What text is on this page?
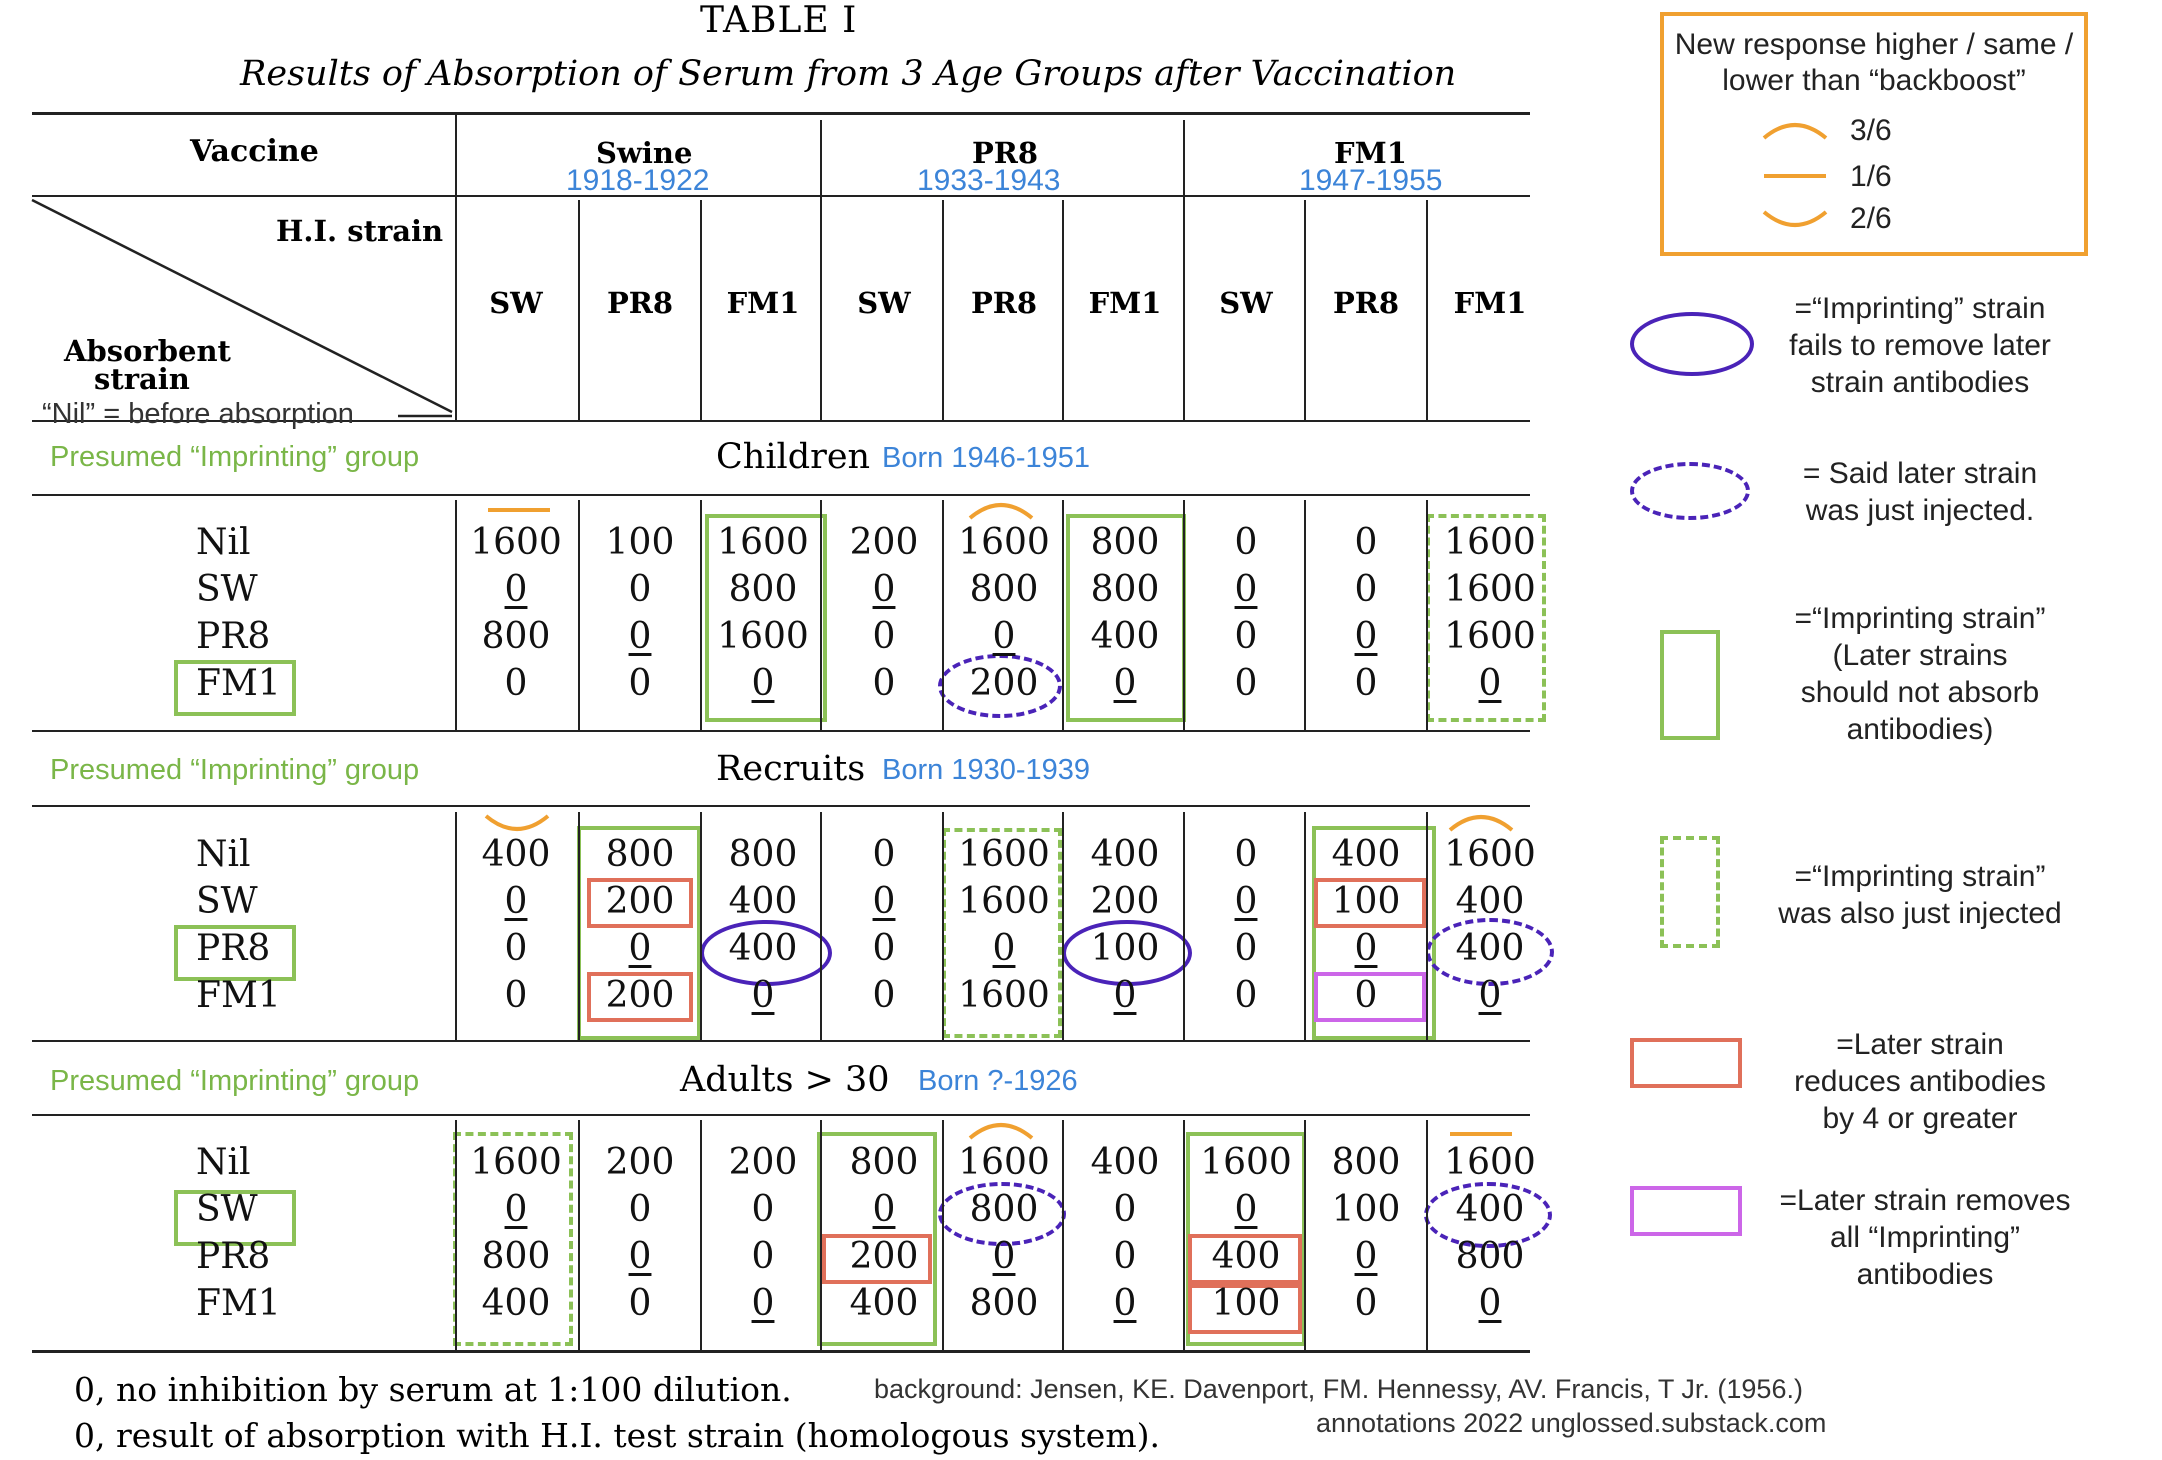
TABLE I
Results of Absorption of Serum from 3 Age Groups after Vaccination
Vaccine
H.I. strain
Absorbent
strain
“Nil” = before absorption
Swine
1918-1922
PR8
1933-1943
FM1
1947-1955
Presumed “Imprinting” group	Children Born 1946-1951
Presumed “Imprinting” group	Recruits Born 1930-1939
Presumed “Imprinting” group	Adults > 30 Born ?-1926
0, no inhibition by serum at 1:100 dilution.
0, result of absorption with H.I. test strain (homologous system).
background: Jensen, KE. Davenport, FM. Hennessy, AV. Francis, T Jr. (1956.)
annotations 2022 unglossed.substack.com
New response higher / same /
lower than “backboost”
3/6
1/6
2/6
=“Imprinting” strain
fails to remove later
strain antibodies
= Said later strain
was just injected.
=“Imprinting strain”
(Later strains
should not absorb
antibodies)
=“Imprinting strain”
was also just injected
=Later strain
reduces antibodies
by 4 or greater
=Later strain removes
all “Imprinting”
antibodies
SW	PR8	FM1	SW	PR8	FM1	SW	PR8	FM1
Nil	1600	100	1600	200	1600	800	0	0	1600
SW	0	0	800	0	800	800	0	0	1600
PR8	800	0	1600	0	0	400	0	0	1600
FM1	0	0	0	0	200	0	0	0	0
Nil	400	800	800	0	1600	400	0	400	1600
SW	0	200	400	0	1600	200	0	100	400
PR8	0	0	400	0	0	100	0	0	400
FM1	0	200	0	0	1600	0	0	0	0
Nil	1600	200	200	800	1600	400	1600	800	1600
SW	0	0	0	0	800	0	0	100	400
PR8	800	0	0	200	0	0	400	0	800
FM1	400	0	0	400	800	0	100	0	0
